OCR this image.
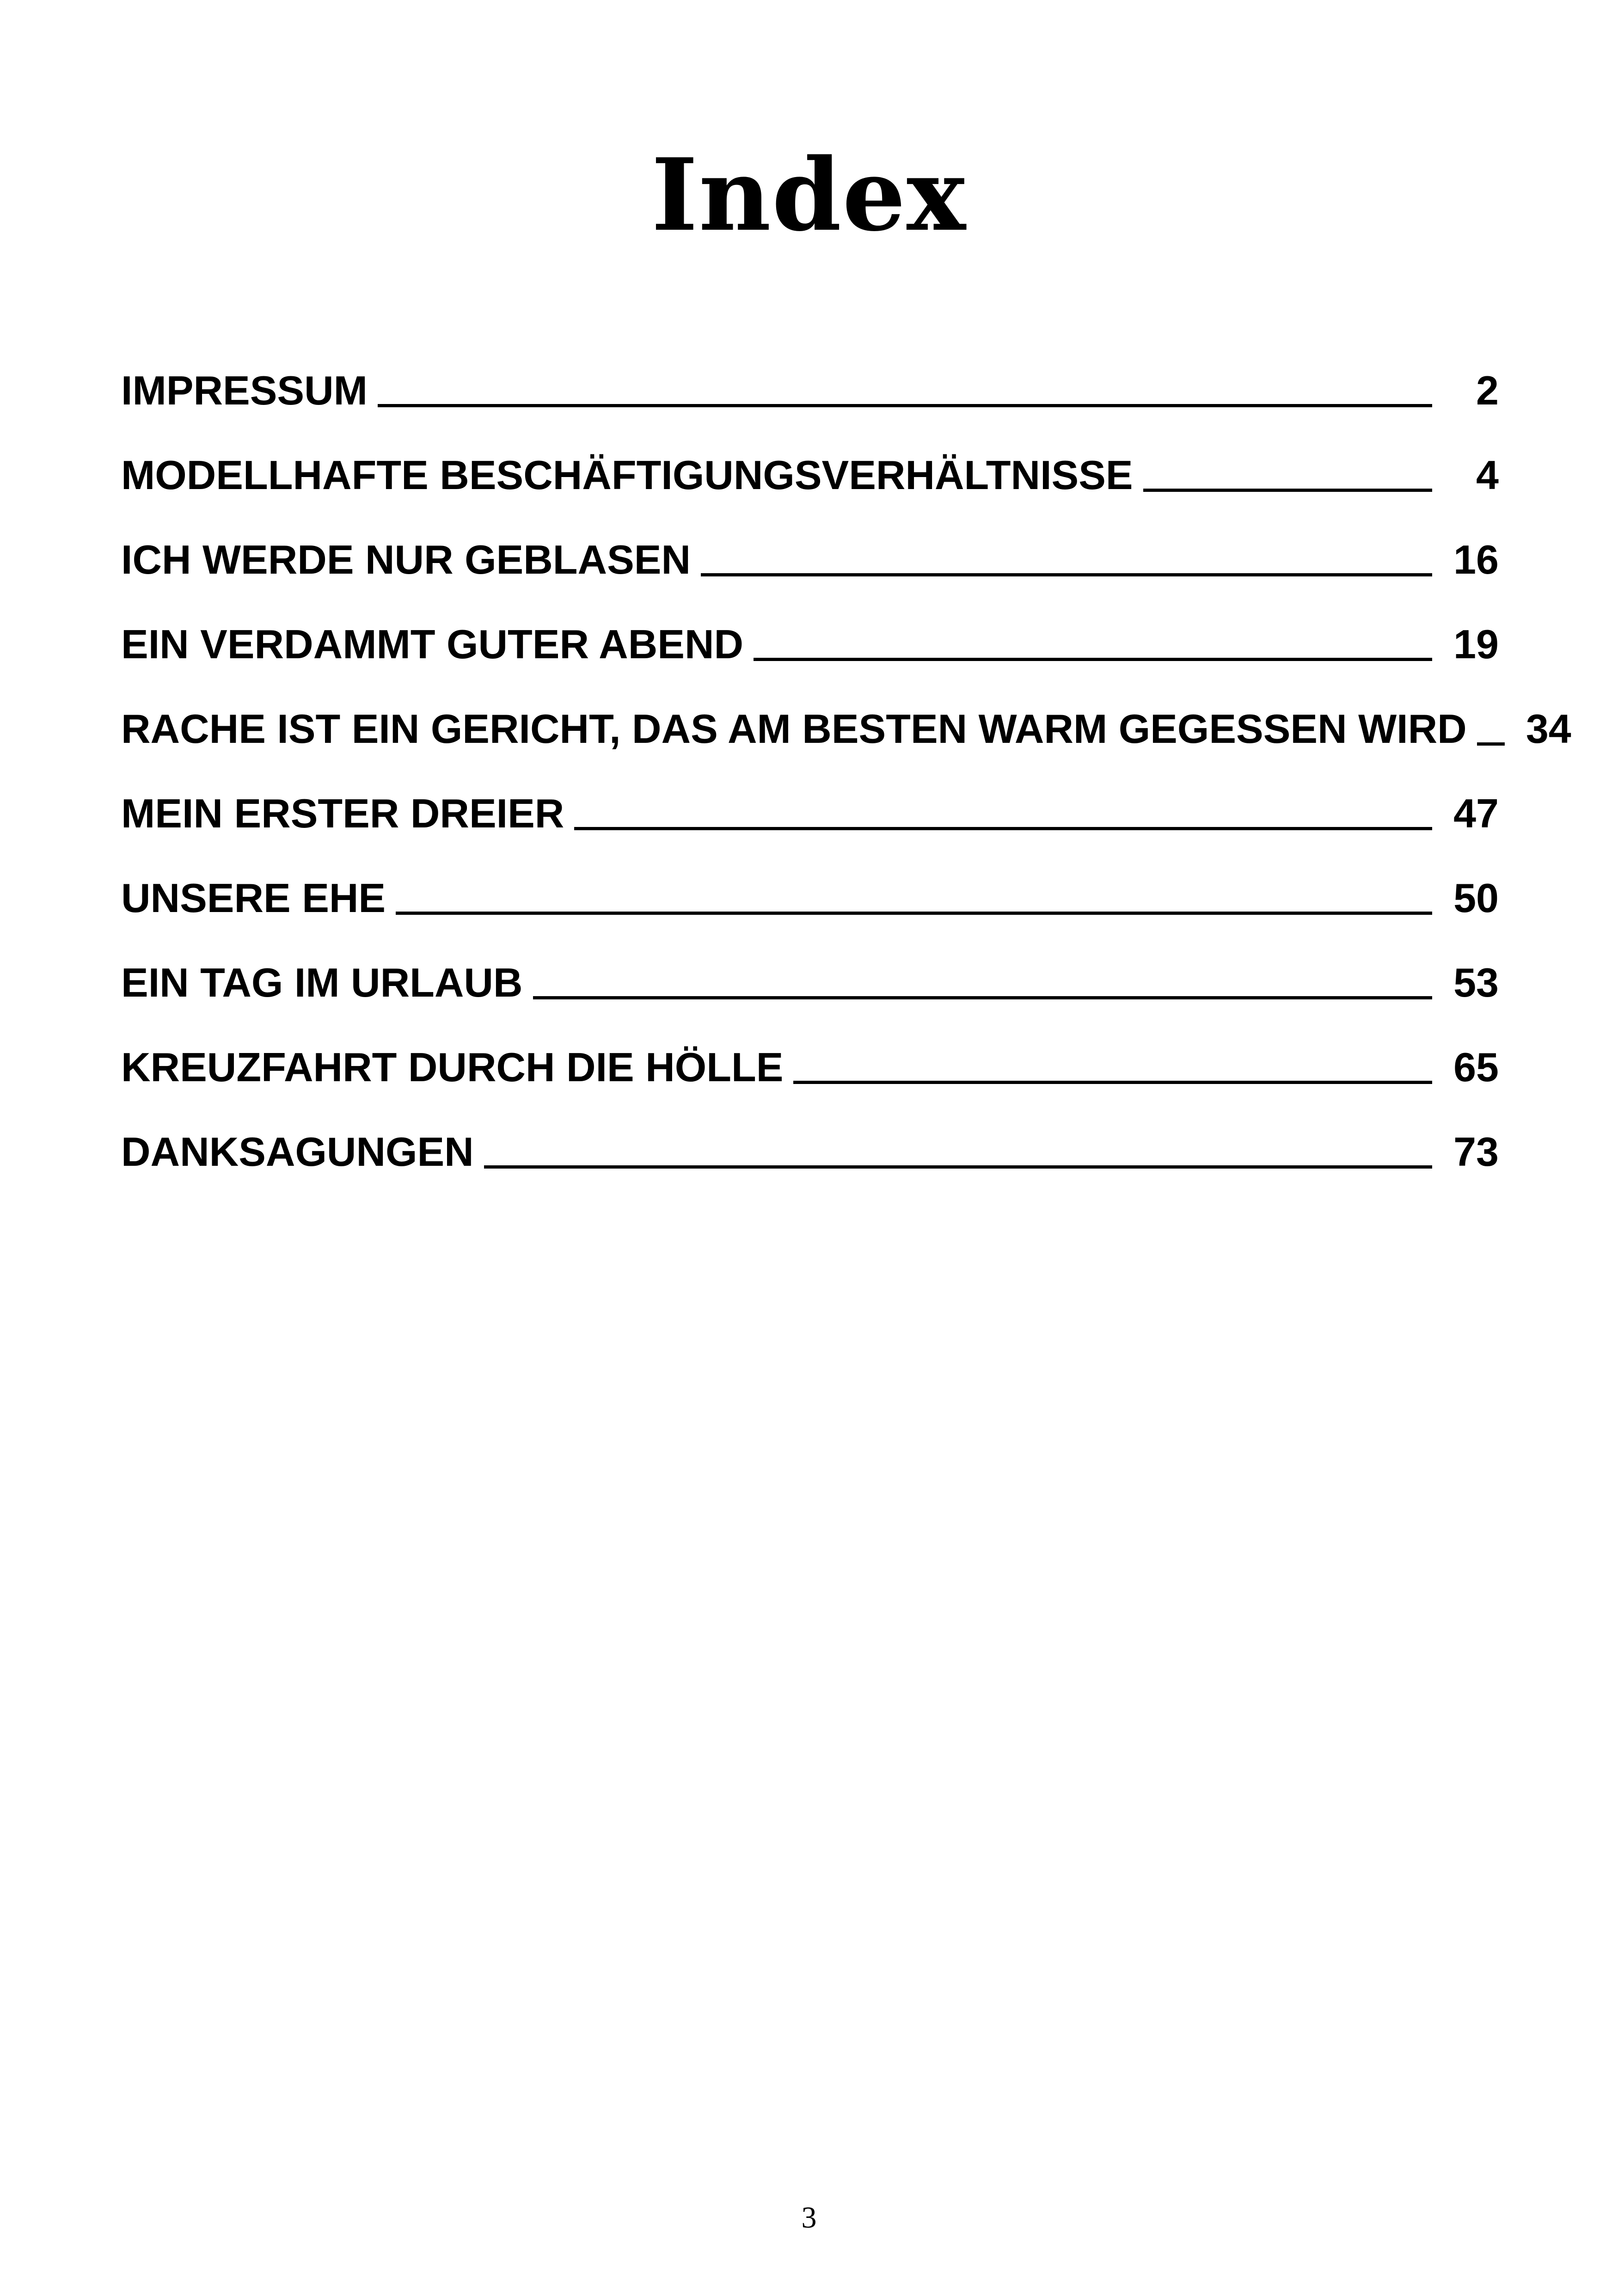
Index
IMPRESSUM	2
MODELLHAFTE BESCHÄFTIGUNGSVERHÄLTNISSE	4
ICH WERDE NUR GEBLASEN	16
EIN VERDAMMT GUTER ABEND	19
RACHE IST EIN GERICHT, DAS AM BESTEN WARM GEGESSEN WIRD 34
MEIN ERSTER DREIER	47
UNSERE EHE	50
EIN TAG IM URLAUB	53
KREUZFAHRT DURCH DIE HÖLLE	65
DANKSAGUNGEN	73
3
